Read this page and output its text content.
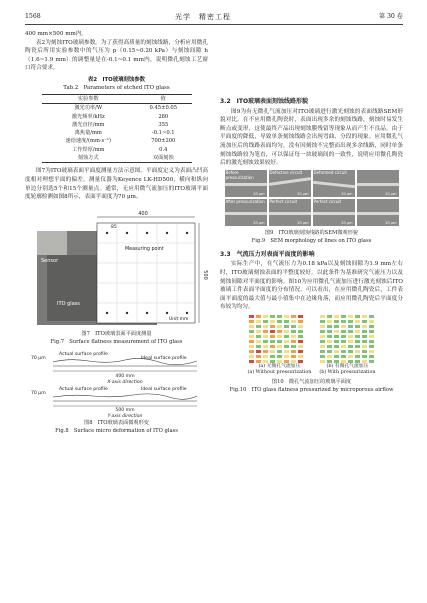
1568	光学　精密工程	第 30 卷

400 mm×500 mm内。

表2为刻蚀ITO玻璃参数。为了获得高质量的刻蚀线路，分析应用微孔陶瓷后所用实验参数中的气压为 p（0.15~0.20 kPa）与刻蚀间隙 h（1.6~1.9 mm）的调整量是在-0.1~0.1 mm内，说明微孔刻蚀工艺窗口符合要求。

表2　ITO玻璃刻蚀参数
Tab.2　Parameters of etched ITO glass
实验参数	值
激光功率/W	0.45±0.05
激光频率/kHz	280
激光直径/mm	355
离焦量/mm	-0.1~0.1
速给速度/(mm·s⁻¹)	700±200
工作焊厚/mm	0.4
刻蚀方式	双面刻蚀

图7为ITO玻璃表面平面度测量方法示意图。平面度定义为表面凸凹高度相对理想平面的偏差。测量仪器为Keyence LK-HD500，横向和纵向单边分别选5个和15个测量点。通常，无应用微气流加压的ITO玻璃平面度轮廓检测如图8所示，表面平面度为70 μm。

400
500
85
Measuring point
Sensor
ITO glass
Unit:mm
图7　ITO玻璃表面平面度测量
Fig.7　Surface flatness measurement of ITO glass
70 μm
Actual surface profile
Ideal surface profile
400 mm
X-axis direction
70 μm
Actual surface profile	Ideal surface profile
500 mm
Y-axis direction
图8　ITO玻璃表面微观形变
Fig.8　Surface micro deformation of ITO glass
3.2　ITO玻璃表面刻蚀线路形貌

图9为有无微孔气流加压对ITO玻璃进行激光刻蚀的表面线路SEM形貌对比。在不应用微孔陶瓷时，表面出现多余的刻蚀线路，刻蚀时易发生断点或变形，这使最终产品出现刻蚀膜残留等现象从而产生不良品。由于平面度的降低，导致单条刻蚀线路会出现弯曲、分段的现象。应用微孔气流加压后的线路表面均匀，没有因刻蚀不完整而出现多余线路，同时单条刻蚀线路较为笔直，可以保证每一块玻璃间的一致性，说明应用微孔陶瓷后的激光刻蚀效果较好。

Before pressurization
20 μm
Defective circuit
20 μm
Deformed circuit
20 μm	20 μm
After pressurization
20 μm
Perfect circuit
20 μm
Perfect circuit
20 μm	20 μm
图9　ITO玻璃刻蚀线路的SEM微观形貌
Fig.9　SEM morphology of lines on ITO glass
3.3　气流压力对表面平面度的影响

实际生产中，在气流压力为0.18 kPa以及刻蚀间隙为1.9 mm左右时，ITO玻璃刻蚀表面的平整度较好。以此条件为基准研究气流压力以及刻蚀间隙对平面度的影响。图10为应用微孔气流加压进行激光刻蚀后ITO玻璃工件表面平面度的分布情况。可以看出，在应用微孔陶瓷后，工件表面平面度的最大值与最小值集中在边缘角落，而应用微孔陶瓷后平面度分布较为均匀。

(a) 无微孔气流加压
(a) Without pressurization
(b) 有微孔气流加压
(b) With pressurization
图10　微孔气流加压的玻璃平面度
Fig.10　ITO glass flatness pressurized by microporous airflow
